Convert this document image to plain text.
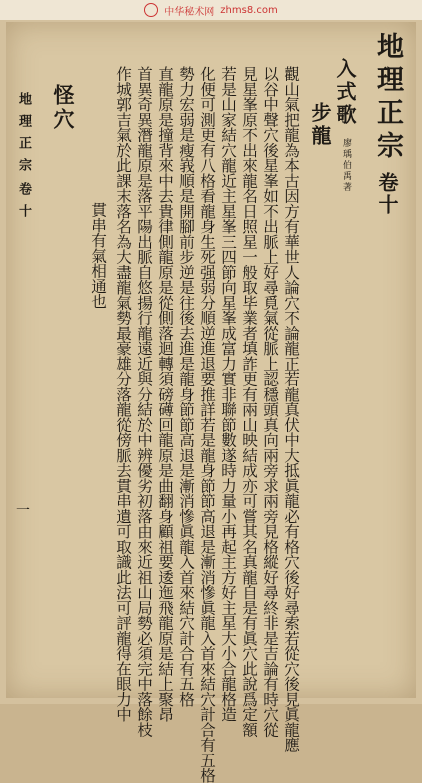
中华秘术网 zhms8.com
地理正宗卷十
入式歌
廖瑀伯禹著
步龍
觀山氣把龍為本古因方有華世人論穴不論龍正若龍真伏中大抵眞龍必有格穴後好尋索若從穴後見眞龍應
以谷中聲穴後星峯如不出脈上好尋覓氣從脈上認穩頭真向兩旁求兩旁見格縱好尋終非是吉論有時穴從
見星峯原不出來龍名日照星一般取毕業者填詐更有兩山映結成亦可嘗其名真龍自是有眞穴此說爲定額
若是山家結穴龍近主星峯三四節向星峯成富力實非聯節數遂時力量小再起主方好主星大小合龍格造
化便可測更有八格看龍身生死强弱分順逆進退要推詳若是龍身節節高退是漸消慘眞龍入首來結穴計合有五格
勢力宏弱是瘦峩順是開腳前步逆是往後去進是龍身節節高退是漸消慘眞龍入首來結穴計合有五格
直龍原是撞背來中去貴律側龍原是從側落迴轉須磅礡回龍原是曲翻身顧祖要逶迤飛龍原是結上聚昂
首異奇異潛龍原是落平陽出脈自悠揚行龍遠近與分結於中辨優劣初落由來近祖山局勢必須完中落餘枝
作城郭吉氣於此課末落名為大盡龍氣勢最豪雄分落龍從傍脈去貫串遺可取識此法可評龍得在眼力中
貫串有氣相通也
怪穴
地理正宗
卷十
一
